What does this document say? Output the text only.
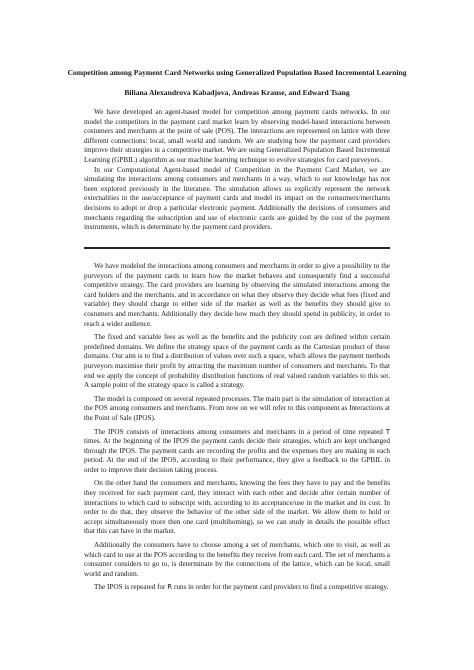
Competition among Payment Card Networks using Generalized Population Based Incremental Learning
Biliana Alexandrova Kabadjova, Andreas Krause, and Edward Tsang

We have developed an agent-based model for competition among payment cards networks. In our model the competitors in the payment card market learn by observing model-based interactions between costumers and merchants at the point of sale (POS). The interactions are represented on lattice with three different connections: local, small world and random. We are studying how the payment card providers improve their strategies in a competitive market. We are using Generalized Population Based Incremental Learning (GPBIL) algorithm as our machine learning technique to evolve strategies for card purveyors.

In our Computational Agent-based model of Competition in the Payment Card Market, we are simulating the interactions among consumers and merchants in a way, which to our knowledge has not been explored previously in the literature. The simulation allows us explicitly represent the network externalities in the use/acceptance of payment cards and model its impact on the consumers/merchants decisions to adopt or drop a particular electronic payment. Additionally the decisions of consumers and merchants regarding the subscription and use of electronic cards are guided by the cost of the payment instruments, which is determinate by the payment card providers.

We have modeled the interactions among consumers and merchants in order to give a possibility to the purveyors of the payment cards to learn how the market behaves and consequently find a successful competitive strategy. The card providers are learning by observing the simulated interactions among the card holders and the merchants, and in accordance on what they observe they decide what fees (fixed and variable) they should charge to either side of the market as well as the benefits they should give to costumers and merchants. Additionally they decide how much they should spend in publicity, in order to reach a wider audience.

The fixed and variable fees as well as the benefits and the publicity cost are defined within certain predefined domains. We define the strategy space of the payment cards as the Cartesian product of these domains. Our aim is to find a distribution of values over such a space, which allows the payment methods purveyors maximise their profit by attracting the maximum number of consumers and merchants. To that end we apply the concept of probability distribution functions of real valued random variables to this set. A sample point of the strategy space is called a strategy.

The model is composed on several repeated processes. The main part is the simulation of interaction at the POS among consumers and merchants. From now on we will refer to this component as Interactions at the Point of Sale (IPOS).

The IPOS consists of interactions among consumers and merchants in a period of time repeated T times. At the beginning of the IPOS the payment cards decide their strategies, which are kept unchanged through the IPOS. The payment cards are recording the profits and the expenses they are making in each period. At the end of the IPOS, according to their performance, they give a feedback to the GPBIL in order to improve their decision taking process.

On the other hand the consumers and merchants, knowing the fees they have to pay and the benefits they received for each payment card, they interact with each other and decide after certain number of interactions to which card to subscript with, according to its acceptance/use in the market and its cost. In order to do that, they observe the behavior of the other side of the market. We allow them to hold or accept simultaneously more then one card (multihoming), so we can study in details the possible effect that this can have in the market.

Additionally the consumers have to choose among a set of merchants, which one to visit, as well as which card to use at the POS according to the benefits they receive from each card. The set of merchants a consumer considers to go to, is determinate by the connections of the lattice, which can be local, small world and random.

The IPOS is repeated for R runs in order for the payment card providers to find a competitive strategy.
